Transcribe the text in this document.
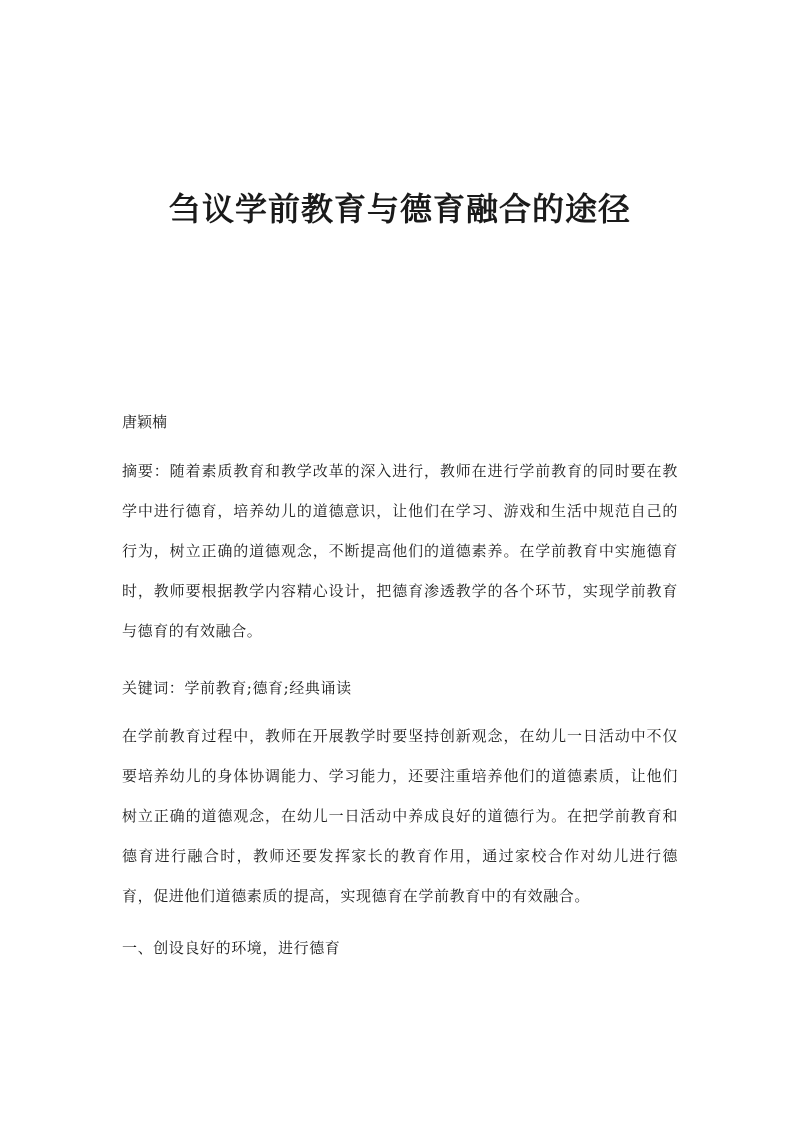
刍议学前教育与德育融合的途径

唐颖楠

摘要：随着素质教育和教学改革的深入进行，教师在进行学前教育的同时要在教学中进行德育，培养幼儿的道德意识，让他们在学习、游戏和生活中规范自己的行为，树立正确的道德观念，不断提高他们的道德素养。在学前教育中实施德育时，教师要根据教学内容精心设计，把德育渗透教学的各个环节，实现学前教育与德育的有效融合。

关键词：学前教育;德育;经典诵读

在学前教育过程中，教师在开展教学时要坚持创新观念，在幼儿一日活动中不仅要培养幼儿的身体协调能力、学习能力，还要注重培养他们的道德素质，让他们树立正确的道德观念，在幼儿一日活动中养成良好的道德行为。在把学前教育和德育进行融合时，教师还要发挥家长的教育作用，通过家校合作对幼儿进行德育，促进他们道德素质的提高，实现德育在学前教育中的有效融合。

一、创设良好的环境，进行德育
